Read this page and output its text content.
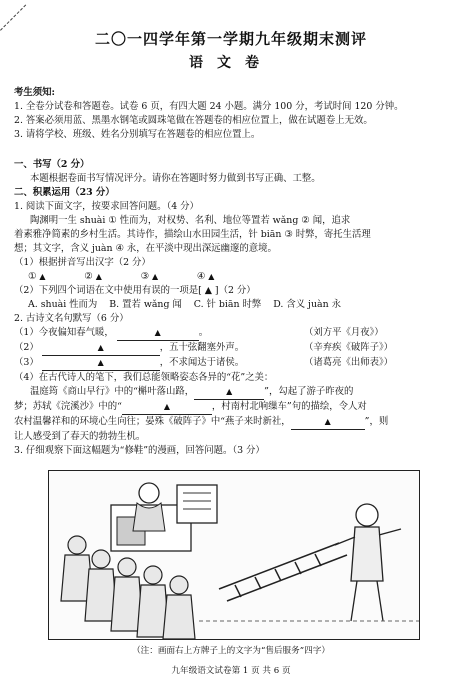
二〇一四学年第一学期九年级期末测评
语文卷
考生须知:
1. 全卷分试卷和答题卷。试卷 6 页，有四大题 24 小题。满分 100 分，考试时间 120 分钟。
2. 答案必须用蓝、黑墨水钢笔或圆珠笔做在答题卷的相应位置上，做在试题卷上无效。
3. 请将学校、班级、姓名分别填写在答题卷的相应位置上。
一、书写（2 分）
本题根据卷面书写情况评分。请你在答题时努力做到书写正确、工整。
二、积累运用（23 分）
1. 阅读下面文字，按要求回答问题。（4 分）
陶渊明一生 shuài ① 性而为，对权势、名利、地位等置若 wǎng ② 闻，追求
着素雅净简素的乡村生活。其诗作，描绘山水田园生活，针 biān ③ 时弊，寄托生活理
想；其文字，含义 juàn ④ 永，在平淡中现出深远幽邃的意境。
（1）根据拼音写出汉字（2 分）
① ▲	② ▲	③ ▲	④ ▲
（2）下列四个词语在文中使用有误的一项是[ ▲ ]（2 分）
A. shuài 性而为 B. 置若 wǎng 闻 C. 针 biān 时弊 D. 含义 juàn 永
2. 古诗文名句默写（6 分）
（1）今夜偏知春气暖，	▲	。	（刘方平《月夜》）
（2）	▲	，五十弦翻塞外声。	（辛弃疾《破阵子》）
（3）	▲	，不求闻达于诸侯。	（诸葛亮《出师表》）
（4）在古代诗人的笔下，我们总能领略姿态各异的“花”之美：
温庭筠《商山早行》中的“槲叶落山路，	▲	”，勾起了游子昨夜的
梦；苏轼《浣溪沙》中的“	▲	，村南村北响缫车”句的描绘，令人对
农村温馨祥和的环境心生向往；晏殊《破阵子》中“燕子来时新社，	▲	”，则
让人感受到了春天的勃勃生机。
3. 仔细观察下面这幅题为“修鞋”的漫画，回答问题。（3 分）
（注：画面右上方牌子上的文字为“售后服务”四字）
九年级语文试卷第 1 页 共 6 页
